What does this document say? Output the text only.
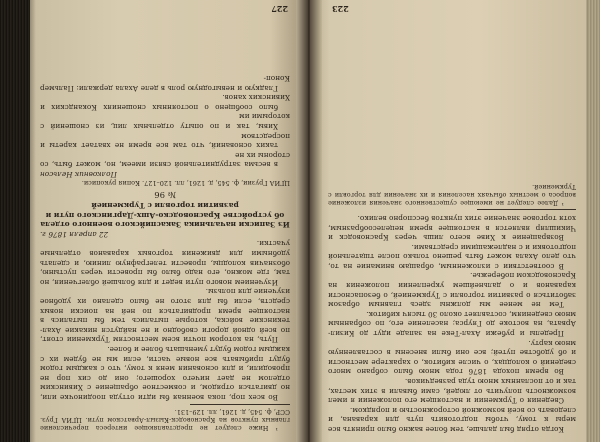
227

¹ Ниже следует не представляющее интереса перечисление главных пунктов на Красноводск-Кызыл-Арватском пути. ЦГИА Груз. ССР, ф. 545, д. 1261, лл. 129–131.

Во всех пор, пока военная бы идти оттуда поодиночке или, но двигаться отрядом, и совместное обращение с Хивинским отделом не дает ничего хорошего; они до сих пор не проводили, и для основания меня к тому, что с каждым годом будут прибывать все новые части, если мы не будем их с каждым годом будут уменьшать более и более.

Путь, на котором почти всем местностям Туркмении стоят, по всей одной дороги свободно и не найдутся никакие Ахал-текинские войска, которые пытались тем бы пытались в настоящее время продвигаться по ней на поиски новых средств, если бы для этого не было сделано их удобное изучение для пользы.

Изучением нового пути ведет и для большей облегчения, но там, где можно, его надо было бы провести через пустыню, обозначив колодцы, провести телеграфную линию, и сделать удобными для движения торговых караванов отдельные участки.

22 апреля 1876 г.
Из Записки начальника Закаспийского военного отдела об устройстве Красноводско-Ашх-Даргинского пути и развитии торговли с Туркменией
№ 96
ЦГИА Грузии, ф. 545, д. 1261, лл. 120–127. Копия рукописи.
Полковник Нельсон

в весьма затруднительной связи имеем, но, может быть, со стороны их не

таких оснований, что там все время не хватает кареты и посредством

Хивы, так и по опыту отдельных лиц, из сношений с которыми им

было сообщено о постоянных сношениях Кокандских и Хивинских ханов.

Гладкую и невыгодную роль в деле Ахала держали: Пальмер Коноп-

223

Когда отряд был дальше, тем более важно было принять все меры к тому, чтобы подготовить путь для каравана, и следовать со всей возможной осторожностью и порядком.

Сведения о Туркмении и настоящем его положении я имел возможность получить от людей, сами бывали в этих местах, так и от посланных мною туда разведчиков.

Во время похода 1876 года мною было собрано много сведений о колодцах, о числе кибиток, о характере местности и об удобстве путей; все они были внесены в составленную мною карту.

Пределы и рубежи Ахал-Теке на западе идут до Кизил-Арвата, на востоке до Гяурса; население его, по собранным мною сведениям, составляет около 30 тысяч кибиток.

Тем не менее мы должны здесь главным образом заботиться о развитии торговли с Туркменией, о безопасности караванов и о дальнейшем укреплении положения на Красноводском побережье.

В соответствии с изложенным, обращаю внимание на то, что дело Ахала может быть решено только после тщательной подготовки и с надлежащими средствами.

Возвращение к Хиве всего лишь через Красноводск и Чикишляр является в настоящее время нецелесообразным, хотя торговое значение этих пунктов бесспорно велико.

¹ Далее следует не имеющее существенного значения изложение вопроса о местных обычаях населения и их значении для торговли с Туркменией.
